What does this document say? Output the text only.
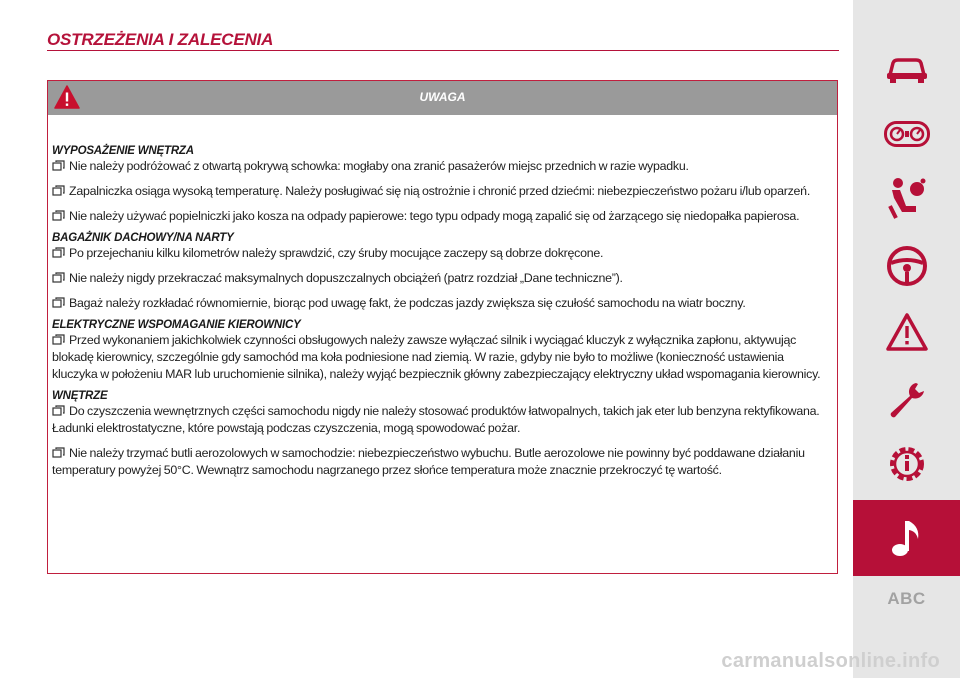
OSTRZEŻENIA I ZALECENIA
UWAGA
WYPOSAŻENIE WNĘTRZA

Nie należy podróżować z otwartą pokrywą schowka: mogłaby ona zranić pasażerów miejsc przednich w razie wypadku.

Zapalniczka osiąga wysoką temperaturę. Należy posługiwać się nią ostrożnie i chronić przed dziećmi: niebezpieczeństwo pożaru i/lub oparzeń.

Nie należy używać popielniczki jako kosza na odpady papierowe: tego typu odpady mogą zapalić się od żarzącego się niedopałka papierosa.

BAGAŻNIK DACHOWY/NA NARTY

Po przejechaniu kilku kilometrów należy sprawdzić, czy śruby mocujące zaczepy są dobrze dokręcone.

Nie należy nigdy przekraczać maksymalnych dopuszczalnych obciążeń (patrz rozdział „Dane techniczne”).

Bagaż należy rozkładać równomiernie, biorąc pod uwagę fakt, że podczas jazdy zwiększa się czułość samochodu na wiatr boczny.

ELEKTRYCZNE WSPOMAGANIE KIEROWNICY

Przed wykonaniem jakichkolwiek czynności obsługowych należy zawsze wyłączać silnik i wyciągać kluczyk z wyłącznika zapłonu, aktywując blokadę kierownicy, szczególnie gdy samochód ma koła podniesione nad ziemią. W razie, gdyby nie było to możliwe (konieczność ustawienia kluczyka w położeniu MAR lub uruchomienie silnika), należy wyjąć bezpiecznik główny zabezpieczający elektryczny układ wspomagania kierownicy.

WNĘTRZE

Do czyszczenia wewnętrznych części samochodu nigdy nie należy stosować produktów łatwopalnych, takich jak eter lub benzyna rektyfikowana. Ładunki elektrostatyczne, które powstają podczas czyszczenia, mogą spowodować pożar.

Nie należy trzymać butli aerozolowych w samochodzie: niebezpieczeństwo wybuchu. Butle aerozolowe nie powinny być poddawane działaniu temperatury powyżej 50°C. Wewnątrz samochodu nagrzanego przez słońce temperatura może znacznie przekroczyć tę wartość.

ABC
carmanualsonline.info
